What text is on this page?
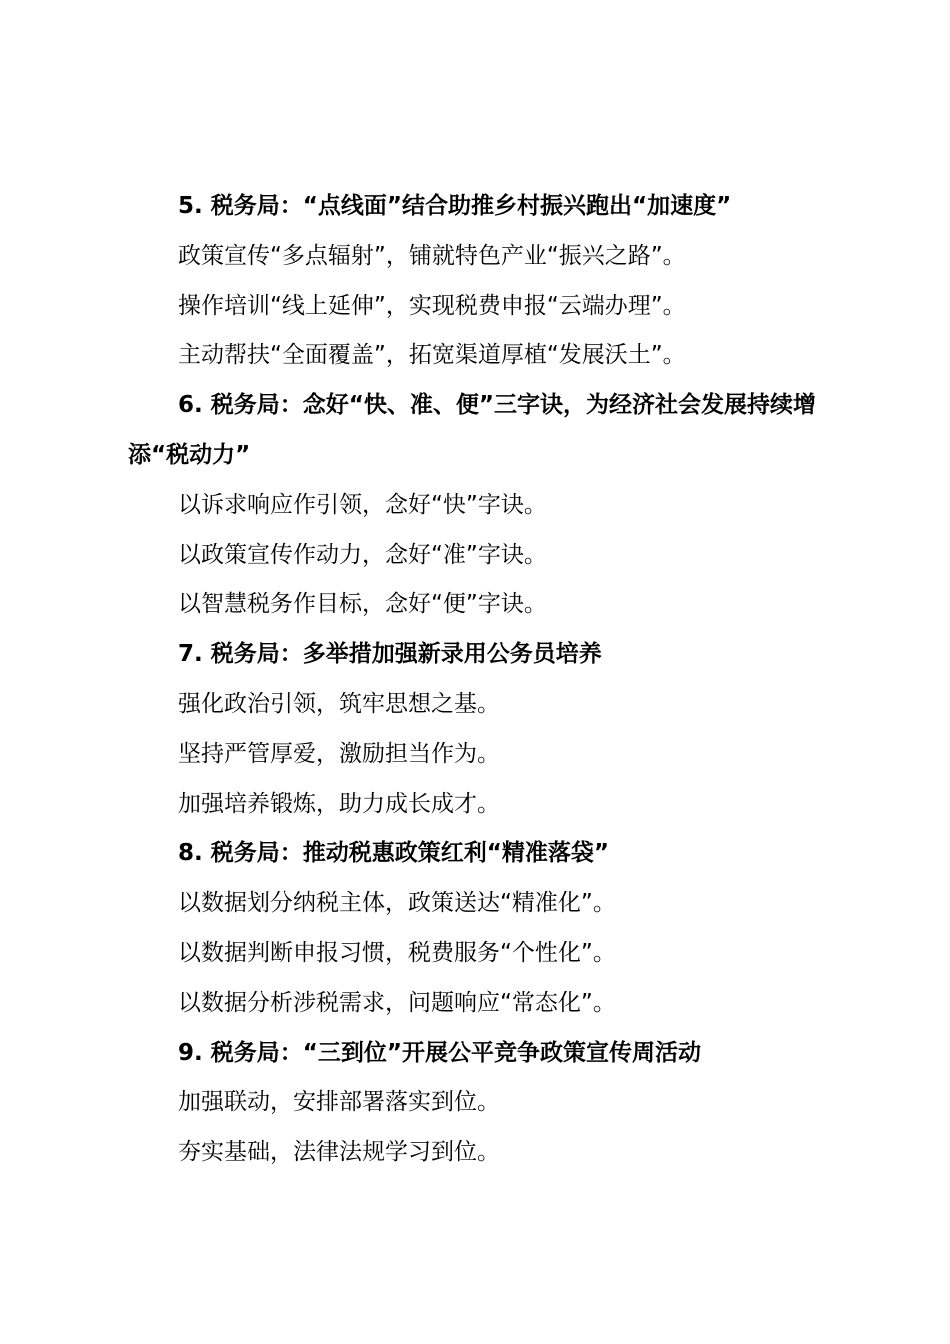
5. 税务局：“点线面”结合助推乡村振兴跑出“加速度”
政策宣传“多点辐射”，铺就特色产业“振兴之路”。
操作培训“线上延伸”，实现税费申报“云端办理”。
主动帮扶“全面覆盖”，拓宽渠道厚植“发展沃土”。
6. 税务局：念好“快、准、便”三字诀，为经济社会发展持续增添“税动力”
以诉求响应作引领，念好“快”字诀。
以政策宣传作动力，念好“准”字诀。
以智慧税务作目标，念好“便”字诀。
7. 税务局：多举措加强新录用公务员培养
强化政治引领，筑牢思想之基。
坚持严管厚爱，激励担当作为。
加强培养锻炼，助力成长成才。
8. 税务局：推动税惠政策红利“精准落袋”
以数据划分纳税主体，政策送达“精准化”。
以数据判断申报习惯，税费服务“个性化”。
以数据分析涉税需求，问题响应“常态化”。
9. 税务局：“三到位”开展公平竞争政策宣传周活动
加强联动，安排部署落实到位。
夯实基础，法律法规学习到位。
